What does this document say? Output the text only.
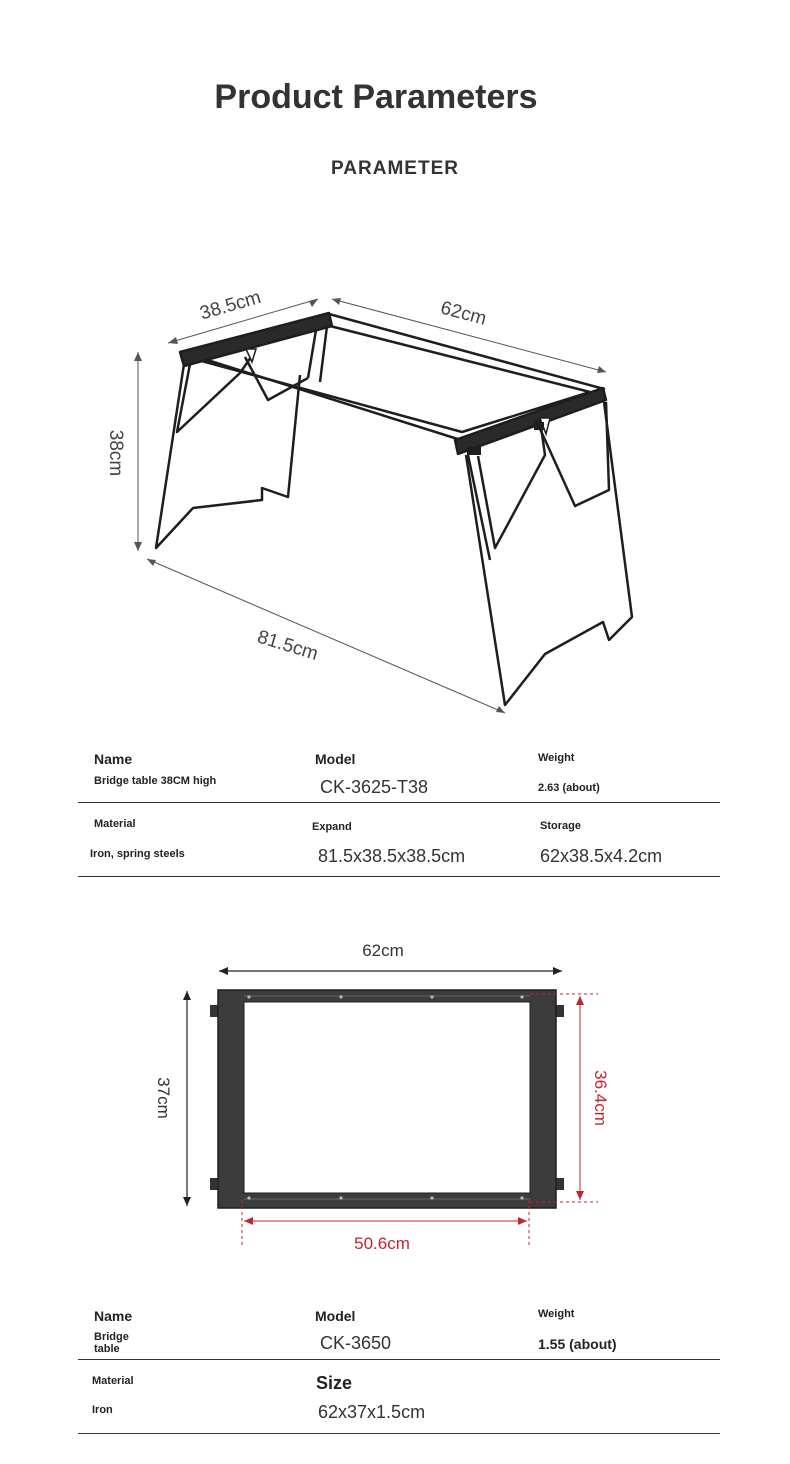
Product Parameters
PARAMETER
38.5cm	62cm
38cm
81.5cm
Name
Bridge table 38CM high
Model
CK-3625-T38
Weight
2.63 (about)
Material
Iron, spring steels
Expand
81.5x38.5x38.5cm
Storage
62x38.5x4.2cm
62cm
37cm	36.4cm
50.6cm
Name
Bridge table
Model
CK-3650
Weight
1.55 (about)
Material
Iron
Size
62x37x1.5cm
